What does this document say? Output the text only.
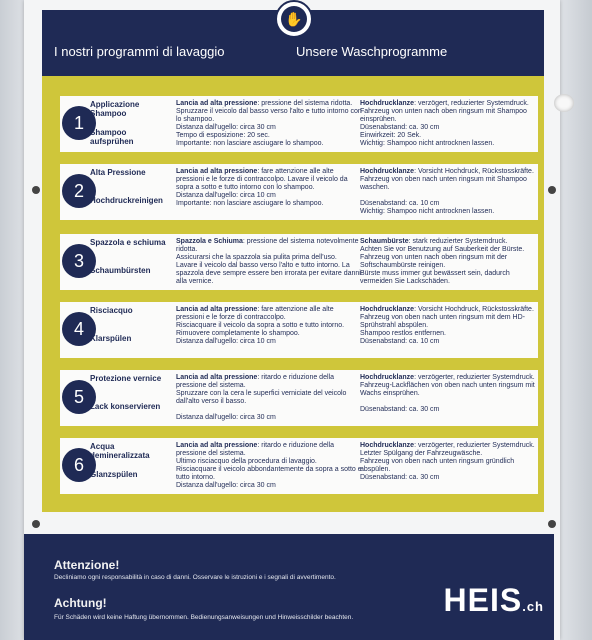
I nostri programmi di lavaggio	Unsere Waschprogramme
✋
1
Applicazione Shampoo
Shampoo aufsprühen
Lancia ad alta pressione: pressione del sistema ridotta. Spruzzare il veicolo dal basso verso l'alto e tutto intorno con lo shampoo.
Distanza dall'ugello: circa 30 cm
Tempo di esposizione: 20 sec.
Importante: non lasciare asciugare lo shampoo.
Hochdrucklanze: verzögert, reduzierter Systemdruck. Fahrzeug von unten nach oben ringsum mit Shampoo einsprühen.
Düsenabstand: ca. 30 cm
Einwirkzeit: 20 Sek.
Wichtig: Shampoo nicht antrocknen lassen.
2
Alta Pressione
Hochdruckreinigen
Lancia ad alta pressione: fare attenzione alle alte pressioni e le forze di contraccolpo. Lavare il veicolo da sopra a sotto e tutto intorno con lo shampoo.
Distanza dall'ugello: circa 10 cm
Importante: non lasciare asciugare lo shampoo.
Hochdrucklanze: Vorsicht Hochdruck, Rückstosskräfte. Fahrzeug von oben nach unten ringsum mit Shampoo waschen.

Düsenabstand: ca. 10 cm
Wichtig: Shampoo nicht antrocknen lassen.
3
Spazzola e schiuma
Schaumbürsten
Spazzola e Schiuma: pressione del sistema notevolmente ridotta.
Assicurarsi che la spazzola sia pulita prima dell'uso.
Lavare il veicolo dal basso verso l'alto e tutto intorno. La spazzola deve sempre essere ben irrorata per evitare danni alla vernice.
Schaumbürste: stark reduzierter Systemdruck.
Achten Sie vor Benutzung auf Sauberkeit der Bürste. Fahrzeug von unten nach oben ringsum mit der Softschaumbürste reinigen.
Bürste muss immer gut bewässert sein, dadurch vermeiden Sie Lackschäden.
4
Risciacquo
Klarspülen
Lancia ad alta pressione: fare attenzione alle alte pressioni e le forze di contraccolpo.
Risciacquare il veicolo da sopra a sotto e tutto intorno.
Rimuovere completamente lo shampoo.
Distanza dall'ugello: circa 10 cm
Hochdrucklanze: Vorsicht Hochdruck, Rückstosskräfte.
Fahrzeug von oben nach unten ringsum mit dem HD-Sprühstrahl abspülen.
Shampoo restlos entfernen.
Düsenabstand: ca. 10 cm
5
Protezione vernice
Lack konservieren
Lancia ad alta pressione: ritardo e riduzione della pressione del sistema.
Spruzzare con la cera le superfici verniciate del veicolo dall'alto verso il basso.

Distanza dall'ugello: circa 30 cm
Hochdrucklanze: verzögerter, reduzierter Systemdruck.
Fahrzeug-Lackflächen von oben nach unten ringsum mit Wachs einsprühen.

Düsenabstand: ca. 30 cm
6
Acqua demineralizzata
Glanzspülen
Lancia ad alta pressione: ritardo e riduzione della pressione del sistema.
Ultimo risciacquo della procedura di lavaggio.
Risciacquare il veicolo abbondantemente da sopra a sotto e tutto intorno.
Distanza dall'ugello: circa 30 cm
Hochdrucklanze: verzögerter, reduzierter Systemdruck.
Letzter Spülgang der Fahrzeugwäsche.
Fahrzeug von oben nach unten ringsum gründlich abspülen.
Düsenabstand: ca. 30 cm
Attenzione!
Decliniamo ogni responsabilità in caso di danni. Osservare le istruzioni e i segnali di avvertimento.
Achtung!
Für Schäden wird keine Haftung übernommen. Bedienungsanweisungen und Hinweisschilder beachten.	HEIS.ch
